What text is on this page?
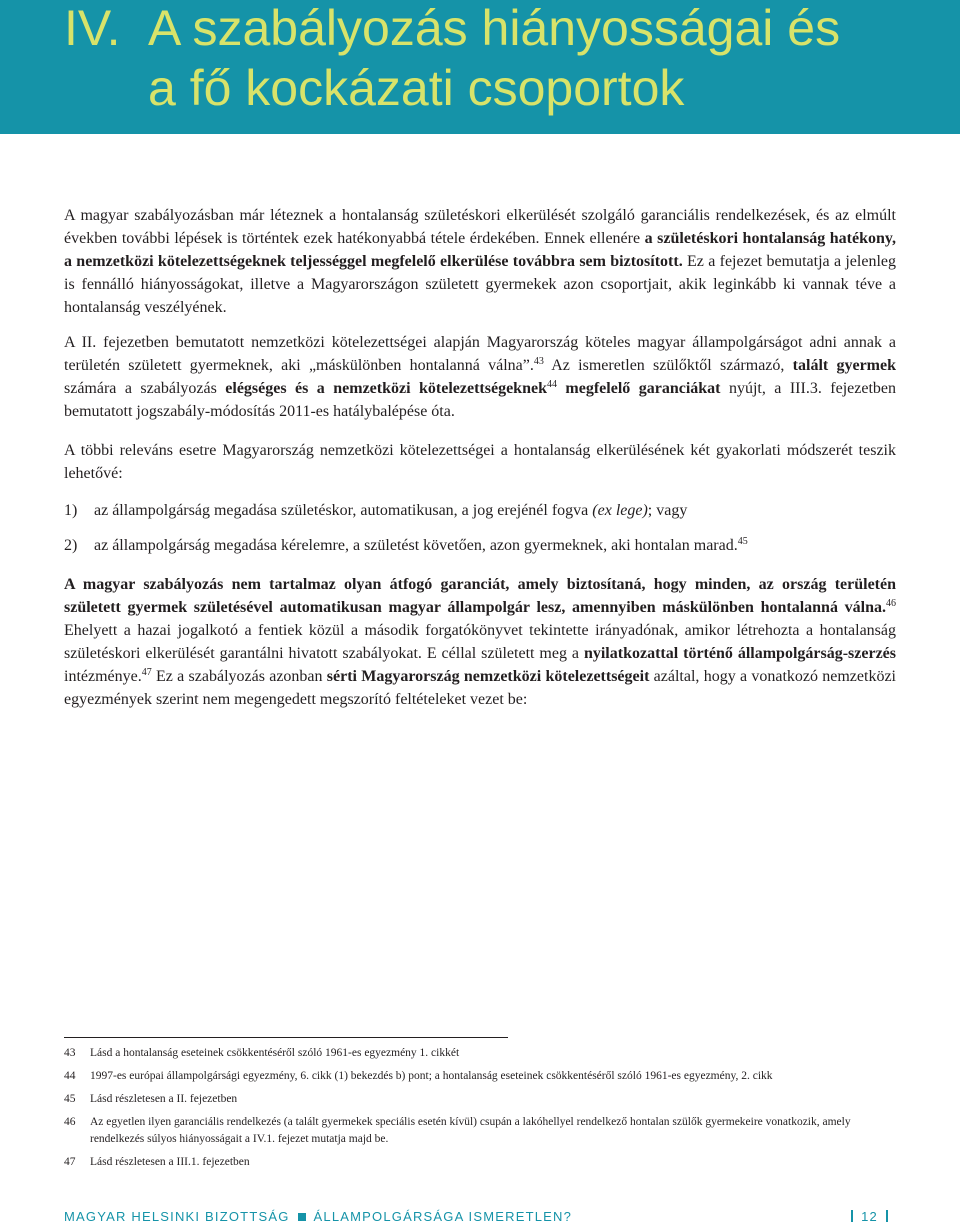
IV. A szabályozás hiányosságai és
a fő kockázati csoportok

A magyar szabályozásban már léteznek a hontalanság születéskori elkerülését szolgáló garanciális rendelkezések, és az elmúlt években további lépések is történtek ezek hatékonyabbá tétele érdekében. Ennek ellenére a születéskori hontalanság hatékony, a nemzetközi kötelezettségeknek teljességgel megfelelő elkerülése továbbra sem biztosított. Ez a fejezet bemutatja a jelenleg is fennálló hiányosságokat, illetve a Magyarországon született gyermekek azon csoportjait, akik leginkább ki vannak téve a hontalanság veszélyének.

A II. fejezetben bemutatott nemzetközi kötelezettségei alapján Magyarország köteles magyar állampolgárságot adni annak a területén született gyermeknek, aki „máskülönben hontalanná válna”.$^{43}$ Az ismeretlen szülőktől származó, talált gyermek számára a szabályozás elégséges és a nemzetközi kötelezettségeknek$^{44}$ megfelelő garanciákat nyújt, a III.3. fejezetben bemutatott jogszabály-módosítás 2011-es hatálybalépése óta.

A többi releváns esetre Magyarország nemzetközi kötelezettségei a hontalanság elkerülésének két gyakorlati módszerét teszik lehetővé:

1)	az állampolgárság megadása születéskor, automatikusan, a jog erejénél fogva (ex lege); vagy
2)	az állampolgárság megadása kérelemre, a születést követően, azon gyermeknek, aki hontalan marad.$^{45}$

A magyar szabályozás nem tartalmaz olyan átfogó garanciát, amely biztosítaná, hogy minden, az ország területén született gyermek születésével automatikusan magyar állampolgár lesz, amennyiben máskülönben hontalanná válna.$^{46}$ Ehelyett a hazai jogalkotó a fentiek közül a második forgatókönyvet tekintette irányadónak, amikor létrehozta a hontalanság születéskori elkerülését garantálni hivatott szabályokat. E céllal született meg a nyilatkozattal történő állampolgárság-szerzés intézménye.$^{47}$ Ez a szabályozás azonban sérti Magyarország nemzetközi kötelezettségeit azáltal, hogy a vonatkozó nemzetközi egyezmények szerint nem megengedett megszorító feltételeket vezet be:

43	Lásd a hontalanság eseteinek csökkentéséről szóló 1961-es egyezmény 1. cikkét
44	1997-es európai állampolgársági egyezmény, 6. cikk (1) bekezdés b) pont; a hontalanság eseteinek csökkentéséről szóló 1961-es egyezmény, 2. cikk
45	Lásd részletesen a II. fejezetben
46	Az egyetlen ilyen garanciális rendelkezés (a talált gyermekek speciális esetén kívül) csupán a lakóhellyel rendelkező hontalan szülők gyermekeire vonatkozik, amely rendelkezés súlyos hiányosságait a IV.1. fejezet mutatja majd be.
47	Lásd részletesen a III.1. fejezetben
MAGYAR HELSINKI BIZOTTSÁG ÁLLAMPOLGÁRSÁGA ISMERETLEN?	12
